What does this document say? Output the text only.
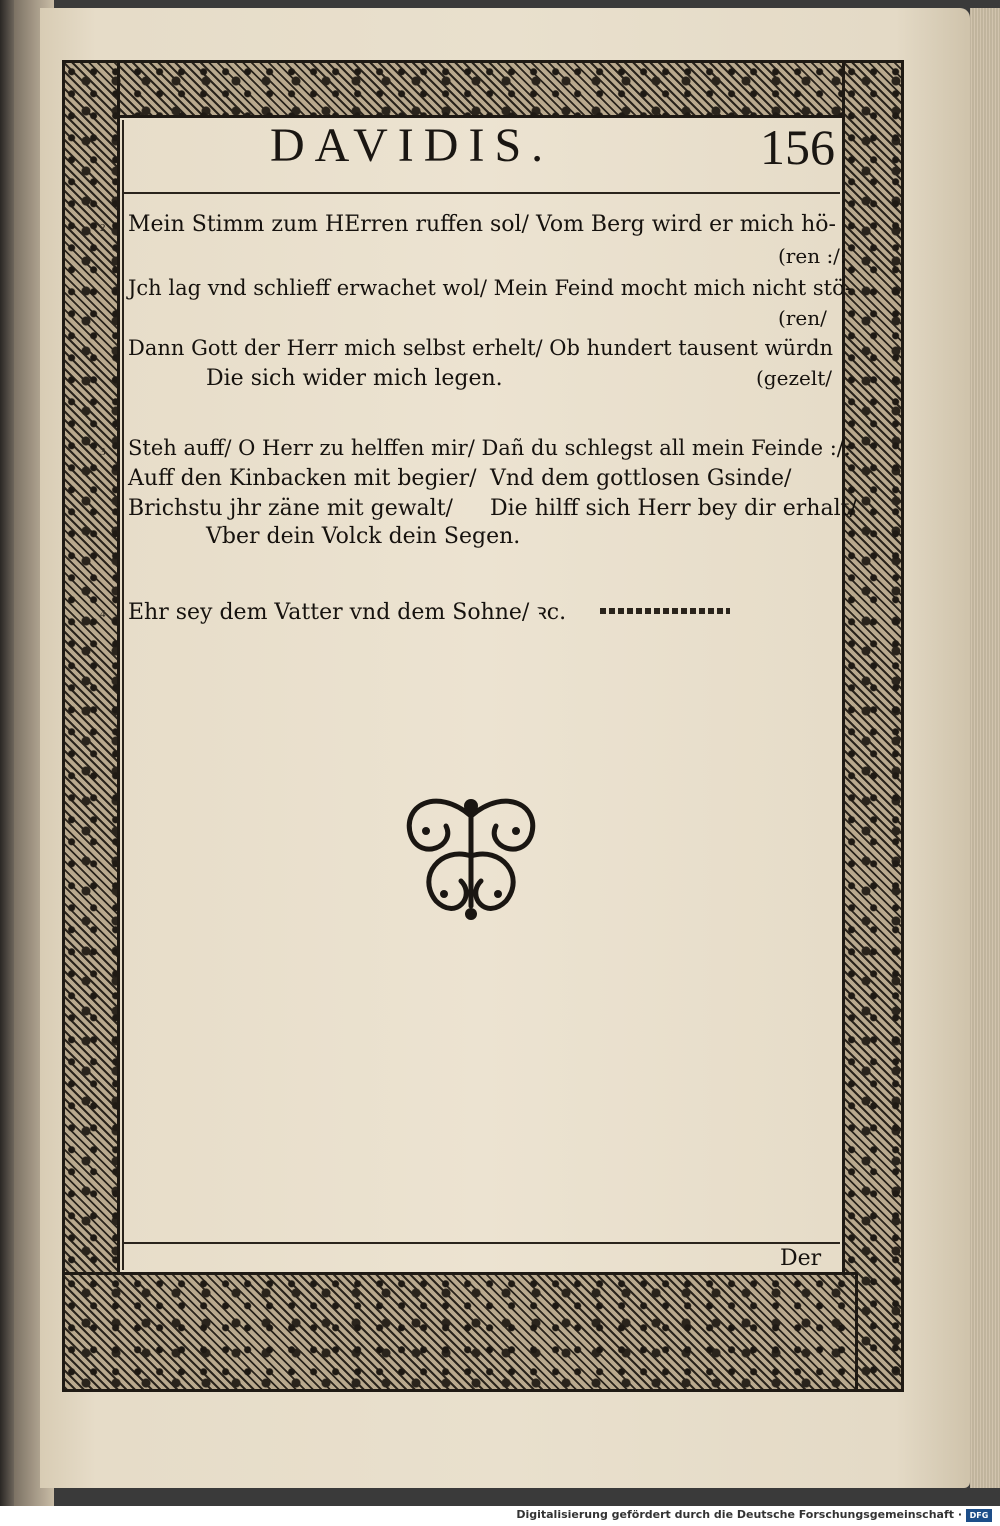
DAVIDIS.	156
2 Mein Stimm zum HErren ruffen sol/ Vom Berg wird er mich hö-
(ren :/:
Jch lag vnd schlieff erwachet wol/ Mein Feind mocht mich nicht stö-
(ren/
Dann Gott der Herr mich selbst erhelt/ Ob hundert tausent würdn
Die sich wider mich legen.	(gezelt/
3 Steh auff/ O Herr zu helffen mir/ Dañ du schlegst all mein Feinde :/:
Auff den Kinbacken mit begier/ Vnd dem gottlosen Gsinde/
Brichstu jhr zäne mit gewalt/ Die hilff sich Herr bey dir erhalt/
Vber dein Volck dein Segen.
4 Ehr sey dem Vatter vnd dem Sohne/ ꝛc.
Der
Digitalisierung gefördert durch die Deutsche Forschungsgemeinschaft · DFG
